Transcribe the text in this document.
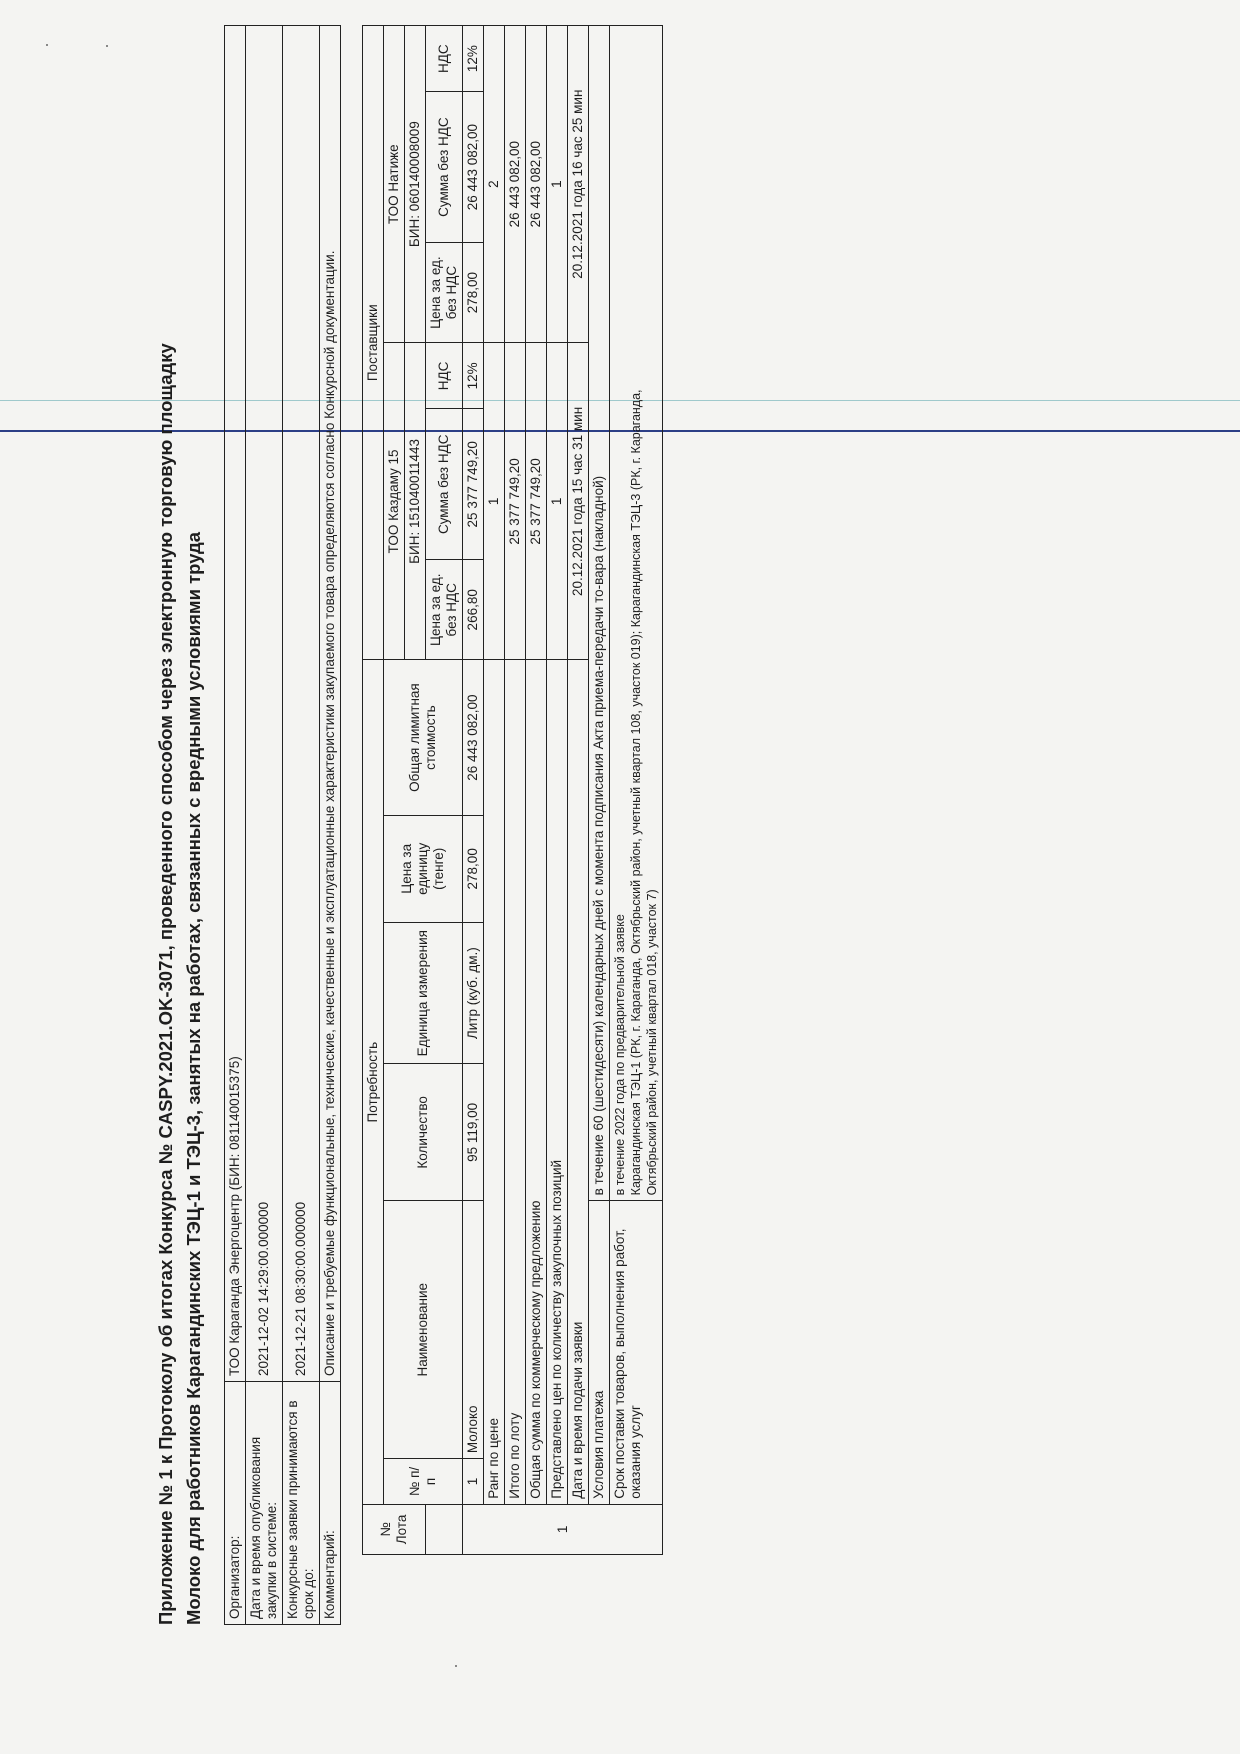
Приложение № 1 к Протоколу об итогах Конкурса № CASPY.2021.OK-3071, проведенного способом через электронную торговую площадку Молоко для работников Карагандинских ТЭЦ-1 и ТЭЦ-3, занятых на работах, связанных с вредными условиями труда Организатор:	ТОО Караганда Энергоцентр (БИН: 081140015375)
Дата и время опубликования закупки в системе:	2021-12-02 14:29:00.000000
Конкурсные заявки принимаются в срок до:	2021-12-21 08:30:00.000000
Комментарий:	Описание и требуемые функциональные, технические, качественные и эксплуатационные характеристики закупаемого товара определяются согласно Конкурсной документации.
№ Лота	Потребность						Поставщики					
	№ п/п	Наименование	Количество	Единица измерения	Цена за единицу (тенге)	Общая лимитная стоимость	ТОО Каздаму 15			ТОО Натиже		
							БИН: 151040011443			БИН: 060140008009		
							Цена за ед. без НДС	Сумма без НДС	НДС	Цена за ед. без НДС	Сумма без НДС	НДС
1	1	Молоко	95 119,00	Литр (куб. дм.)	278,00	26 443 082,00	266,80	25 377 749,20	12%	278,00	26 443 082,00	12%
	Ранг по цене						1			2		
	Итого по лоту						25 377 749,20			26 443 082,00		
	Общая сумма по коммерческому предложению						25 377 749,20			26 443 082,00		
	Представлено цен по количеству закупочных позиций						1			1		
	Дата и время подачи заявки						20.12.2021 года 15 час 31 мин			20.12.2021 года 16 час 25 мин		
	Условия платежа		в течение 60 (шестидесяти) календарных дней с момента подписания Акта приема-передачи то-вара (накладной)									
	Срок поставки товаров, выполнения работ, оказания услуг		в течение 2022 года по предварительной заявке Карагандинская ТЭЦ-1 (РК, г. Караганда, Октябрьский район, учетный квартал 108, участок 019); Карагандинская ТЭЦ-3 (РК, г. Караганда, Октябрьский район, учетный квартал 018, участок 7)									
